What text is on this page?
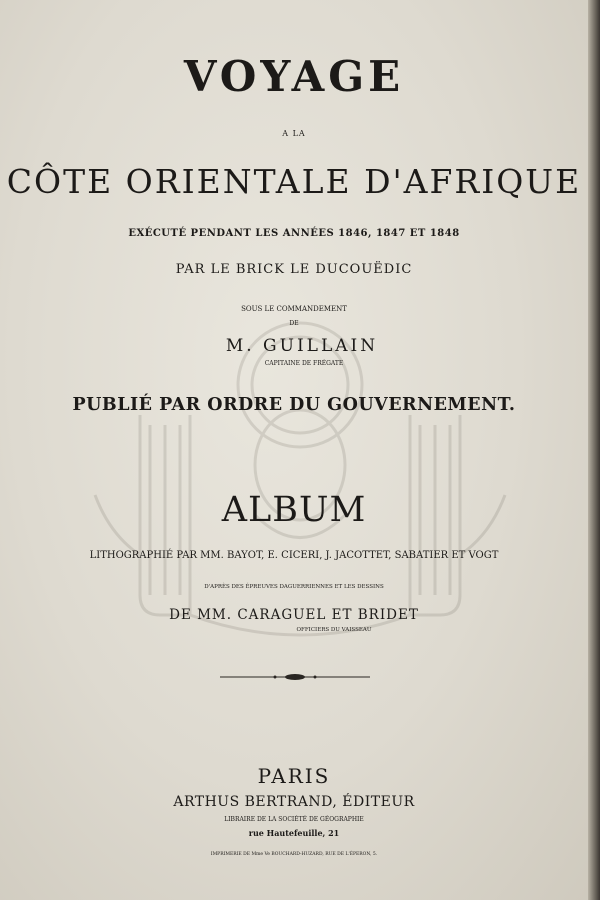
VOYAGE
A LA
CÔTE ORIENTALE D'AFRIQUE
EXÉCUTÉ PENDANT LES ANNÉES 1846, 1847 ET 1848
PAR LE BRICK LE DUCOUËDIC
SOUS LE COMMANDEMENT
DE
M. GUILLAIN
CAPITAINE DE FRÉGATE
PUBLIÉ PAR ORDRE DU GOUVERNEMENT.
ALBUM
LITHOGRAPHIÉ PAR MM. BAYOT, E. CICERI, J. JACOTTET, SABATIER ET VOGT
D'APRÈS DES ÉPREUVES DAGUERRIENNES ET LES DESSINS
DE MM. CARAGUEL ET BRIDET
OFFICIERS DU VAISSEAU
PARIS
ARTHUS BERTRAND, ÉDITEUR
LIBRAIRE DE LA SOCIÉTÉ DE GÉOGRAPHIE
rue Hautefeuille, 21
IMPRIMERIE DE Mme Ve BOUCHARD-HUZARD, RUE DE L'ÉPERON, 5.
